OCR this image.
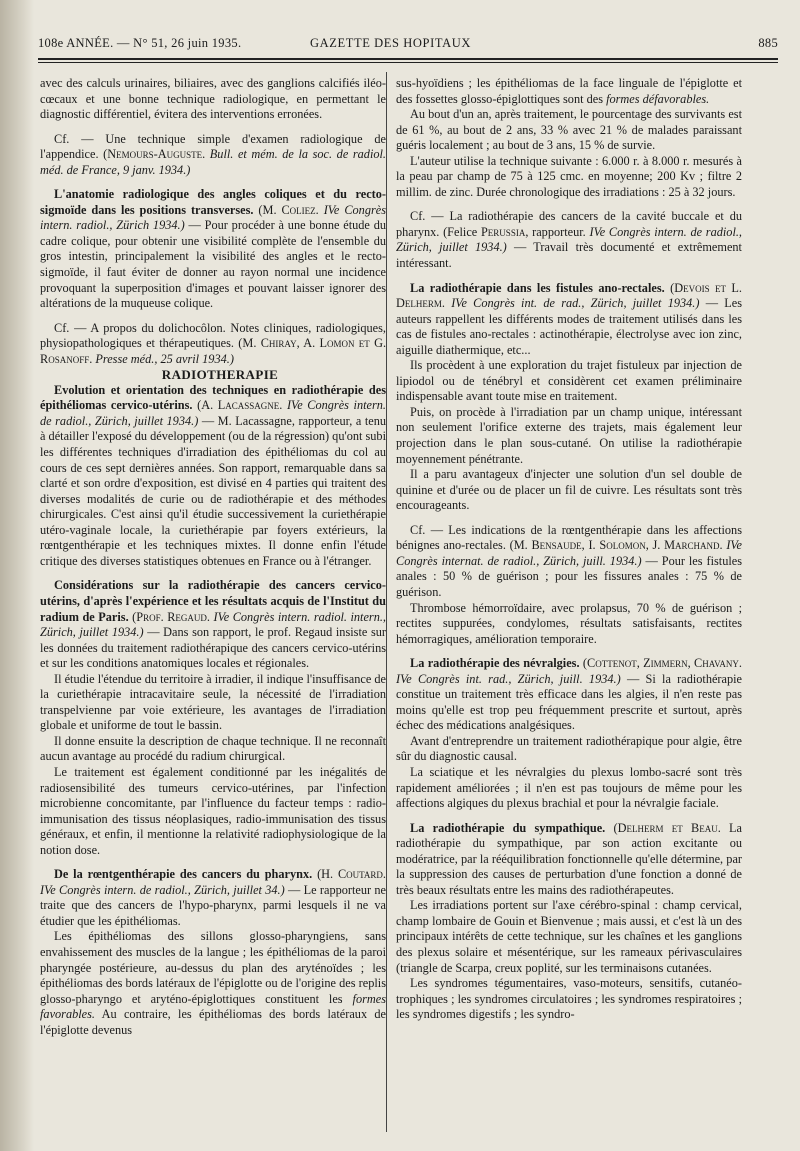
108e ANNÉE. — N° 51, 26 juin 1935.	GAZETTE DES HOPITAUX	885

avec des calculs urinaires, biliaires, avec des ganglions calcifiés iléo-cœcaux et une bonne technique radiologique, en permettant le diagnostic différentiel, évitera des interventions erronées.

Cf. — Une technique simple d'examen radiologique de l'appendice. (Nemours-Auguste. Bull. et mém. de la soc. de radiol. méd. de France, 9 janv. 1934.)

L'anatomie radiologique des angles coliques et du recto-sigmoïde dans les positions transverses. (M. Coliez. IVe Congrès intern. radiol., Zürich 1934.) — Pour procéder à une bonne étude du cadre colique, pour obtenir une visibilité complète de l'ensemble du gros intestin, principalement la visibilité des angles et le recto-sigmoïde, il faut éviter de donner au rayon normal une incidence provoquant la superposition d'images et pouvant laisser ignorer des altérations de la muqueuse colique.

Cf. — A propos du dolichocôlon. Notes cliniques, radiologiques, physiopathologiques et thérapeutiques. (M. Chiray, A. Lomon et G. Rosanoff. Presse méd., 25 avril 1934.)

RADIOTHERAPIE

Evolution et orientation des techniques en radiothérapie des épithéliomas cervico-utérins. (A. Lacassagne. IVe Congrès intern. de radiol., Zürich, juillet 1934.) — M. Lacassagne, rapporteur, a tenu à détailler l'exposé du développement (ou de la régression) qu'ont subi les différentes techniques d'irradiation des épithéliomas du col au cours de ces sept dernières années. Son rapport, remarquable dans sa clarté et son ordre d'exposition, est divisé en 4 parties qui traitent des diverses modalités de curie ou de radiothérapie et des méthodes chirurgicales. C'est ainsi qu'il étudie successivement la curiethérapie utéro-vaginale locale, la curiethérapie par foyers extérieurs, la rœntgenthérapie et les techniques mixtes. Il donne enfin l'étude critique des diverses statistiques obtenues en France ou à l'étranger.

Considérations sur la radiothérapie des cancers cervico-utérins, d'après l'expérience et les résultats acquis de l'Institut du radium de Paris. (Prof. Regaud. IVe Congrès intern. radiol. intern., Zürich, juillet 1934.) — Dans son rapport, le prof. Regaud insiste sur les données du traitement radiothérapique des cancers cervico-utérins et sur les conditions anatomiques locales et régionales.

Il étudie l'étendue du territoire à irradier, il indique l'insuffisance de la curiethérapie intracavitaire seule, la nécessité de l'irradiation transpelvienne par voie extérieure, les avantages de l'irradiation globale et uniforme de tout le bassin.

Il donne ensuite la description de chaque technique. Il ne reconnaît aucun avantage au procédé du radium chirurgical.

Le traitement est également conditionné par les inégalités de radiosensibilité des tumeurs cervico-utérines, par l'infection microbienne concomitante, par l'influence du facteur temps : radio-immunisation des tissus néoplasiques, radio-immunisation des tissus généraux, et enfin, il mentionne la relativité radiophysiologique de la notion dose.

De la rœntgenthérapie des cancers du pharynx. (H. Coutard. IVe Congrès intern. de radiol., Zürich, juillet 34.) — Le rapporteur ne traite que des cancers de l'hypo-pharynx, parmi lesquels il ne va étudier que les épithéliomas.

Les épithéliomas des sillons glosso-pharyngiens, sans envahissement des muscles de la langue ; les épithéliomas de la paroi pharyngée postérieure, au-dessus du plan des aryténoïdes ; les épithéliomas des bords latéraux de l'épiglotte ou de l'origine des replis glosso-pharyngo et aryténo-épiglottiques constituent les formes favorables. Au contraire, les épithéliomas des bords latéraux de l'épiglotte devenus

sus-hyoïdiens ; les épithéliomas de la face linguale de l'épiglotte et des fossettes glosso-épiglottiques sont des formes défavorables.

Au bout d'un an, après traitement, le pourcentage des survivants est de 61 %, au bout de 2 ans, 33 % avec 21 % de malades paraissant guéris localement ; au bout de 3 ans, 15 % de survie.

L'auteur utilise la technique suivante : 6.000 r. à 8.000 r. mesurés à la peau par champ de 75 à 125 cmc. en moyenne; 200 Kv ; filtre 2 millim. de zinc. Durée chronologique des irradiations : 25 à 32 jours.

Cf. — La radiothérapie des cancers de la cavité buccale et du pharynx. (Felice Perussia, rapporteur. IVe Congrès intern. de radiol., Zürich, juillet 1934.) — Travail très documenté et extrêmement intéressant.

La radiothérapie dans les fistules ano-rectales. (Devois et L. Delherm. IVe Congrès int. de rad., Zürich, juillet 1934.) — Les auteurs rappellent les différents modes de traitement utilisés dans les cas de fistules ano-rectales : actinothérapie, électrolyse avec ion zinc, aiguille diathermique, etc...

Ils procèdent à une exploration du trajet fistuleux par injection de lipiodol ou de ténébryl et considèrent cet examen préliminaire indispensable avant toute mise en traitement.

Puis, on procède à l'irradiation par un champ unique, intéressant non seulement l'orifice externe des trajets, mais également leur projection dans le plan sous-cutané. On utilise la radiothérapie moyennement pénétrante.

Il a paru avantageux d'injecter une solution d'un sel double de quinine et d'urée ou de placer un fil de cuivre. Les résultats sont très encourageants.

Cf. — Les indications de la rœntgenthérapie dans les affections bénignes ano-rectales. (M. Bensaude, I. Solomon, J. Marchand. IVe Congrès internat. de radiol., Zürich, juill. 1934.) — Pour les fistules anales : 50 % de guérison ; pour les fissures anales : 75 % de guérison.

Thrombose hémorroïdaire, avec prolapsus, 70 % de guérison ; rectites suppurées, condylomes, résultats satisfaisants, rectites hémorragiques, amélioration temporaire.

La radiothérapie des névralgies. (Cottenot, Zimmern, Chavany. IVe Congrès int. rad., Zürich, juill. 1934.) — Si la radiothérapie constitue un traitement très efficace dans les algies, il n'en reste pas moins qu'elle est trop peu fréquemment prescrite et surtout, après échec des médications analgésiques.

Avant d'entreprendre un traitement radiothérapique pour algie, être sûr du diagnostic causal.

La sciatique et les névralgies du plexus lombo-sacré sont très rapidement améliorées ; il n'en est pas toujours de même pour les affections algiques du plexus brachial et pour la névralgie faciale.

La radiothérapie du sympathique. (Delherm et Beau. La radiothérapie du sympathique, par son action excitante ou modératrice, par la rééquilibration fonctionnelle qu'elle détermine, par la suppression des causes de perturbation d'une fonction a donné de très beaux résultats entre les mains des radiothérapeutes.

Les irradiations portent sur l'axe cérébro-spinal : champ cervical, champ lombaire de Gouin et Bienvenue ; mais aussi, et c'est là un des principaux intérêts de cette technique, sur les chaînes et les ganglions des plexus solaire et mésentérique, sur les rameaux périvasculaires (triangle de Scarpa, creux poplité, sur les terminaisons cutanées.

Les syndromes tégumentaires, vaso-moteurs, sensitifs, cutanéo-trophiques ; les syndromes circulatoires ; les syndromes respiratoires ; les syndromes digestifs ; les syndro-
